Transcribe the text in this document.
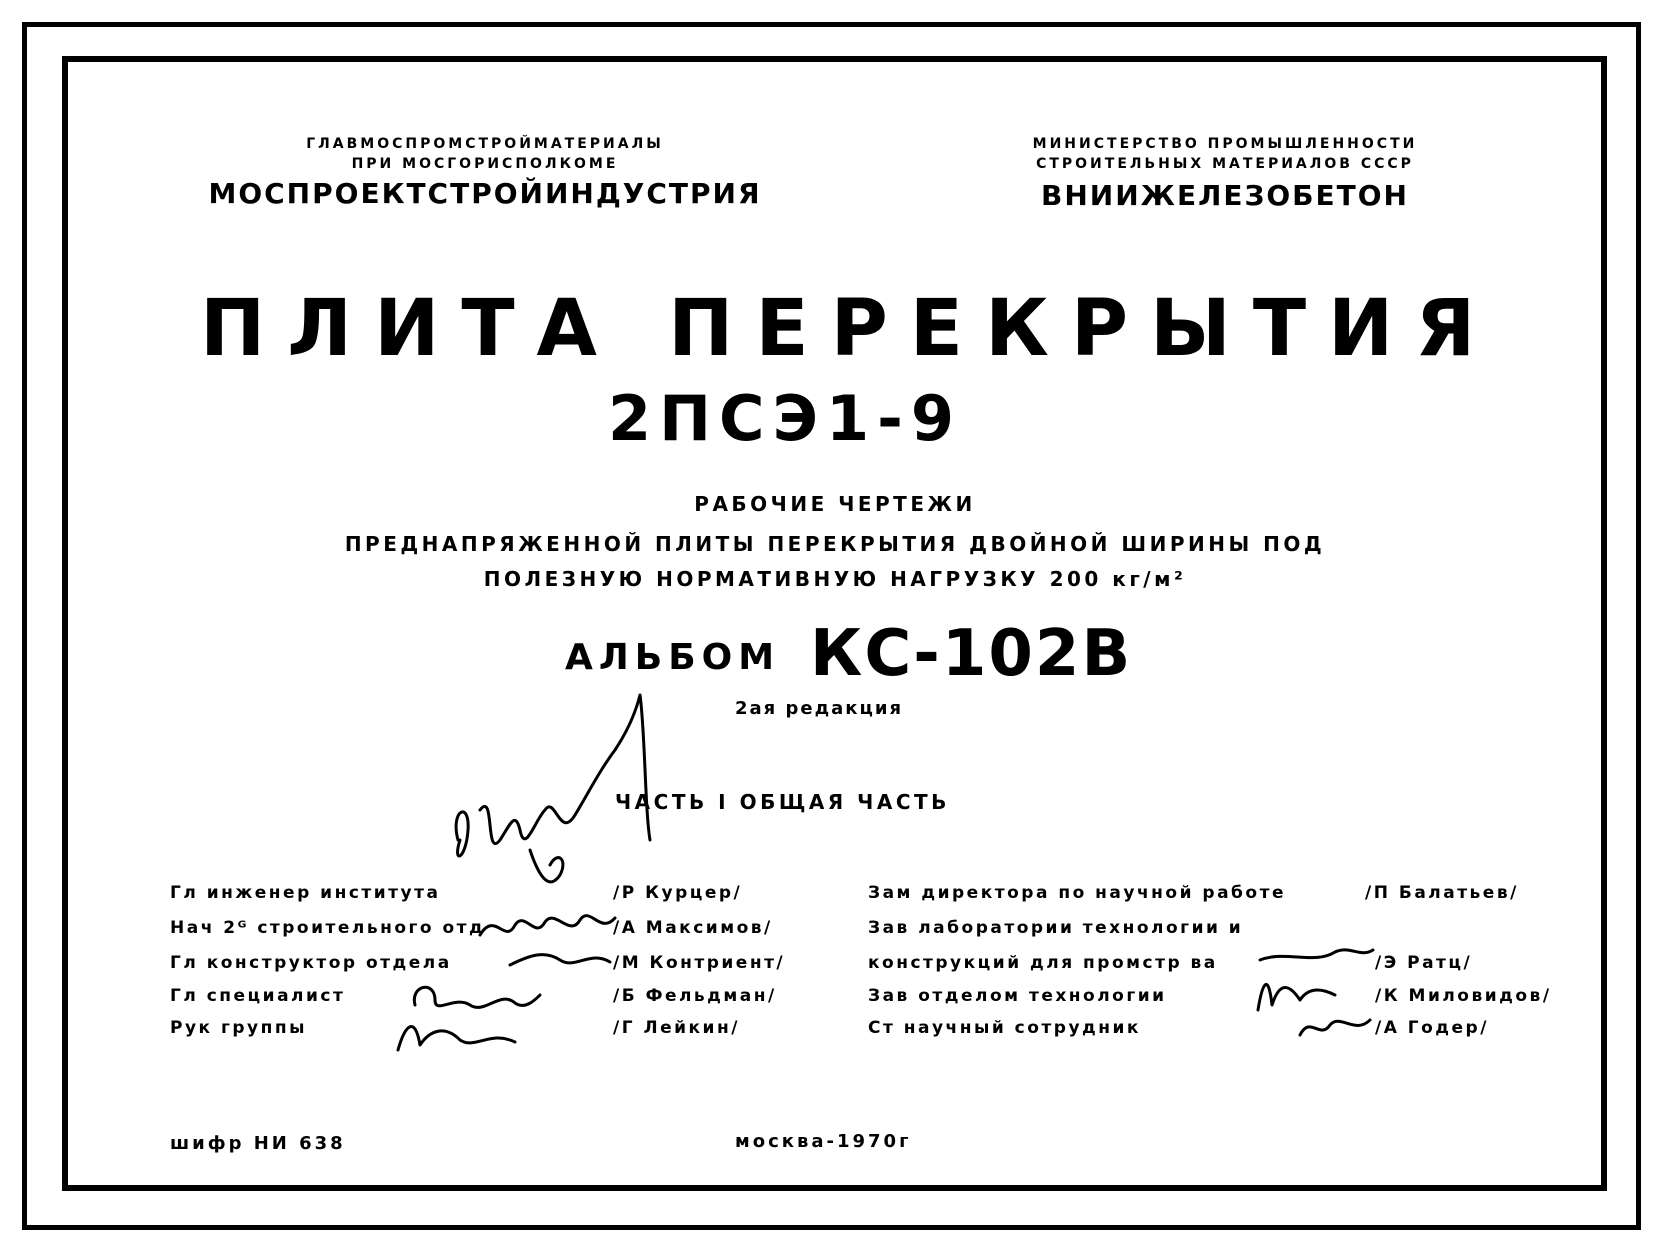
ГЛАВМОСПРОМСТРОЙМАТЕРИАЛЫ
ПРИ МОСГОРИСПОЛКОМЕ
МОСПРОЕКТСТРОЙИНДУСТРИЯ
МИНИСТЕРСТВО ПРОМЫШЛЕННОСТИ
СТРОИТЕЛЬНЫХ МАТЕРИАЛОВ СССР
ВНИИЖЕЛЕЗОБЕТОН
ПЛИТА ПЕРЕКРЫТИЯ
2ПСЭ1-9
РАБОЧИЕ ЧЕРТЕЖИ
ПРЕДНАПРЯЖЕННОЙ ПЛИТЫ ПЕРЕКРЫТИЯ ДВОЙНОЙ ШИРИНЫ ПОД
ПОЛЕЗНУЮ НОРМАТИВНУЮ НАГРУЗКУ 200 кг/м²
АЛЬБОМ КС-102В
2ая редакция
ЧАСТЬ I ОБЩАЯ ЧАСТЬ
Гл инженер института
Нач 2ᴳ строительного отд
Гл конструктор отдела
Гл специалист
Рук группы
/Р Курцер/
/А Максимов/
/М Контриент/
/Б Фельдман/
/Г Лейкин/
Зам директора по научной работе
Зав лаборатории технологии и
конструкций для промстр ва
Зав отделом технологии
Ст научный сотрудник
/П Балатьев/
/Э Ратц/
/К Миловидов/
/А Годер/
шифр НИ 638	москва-1970г
